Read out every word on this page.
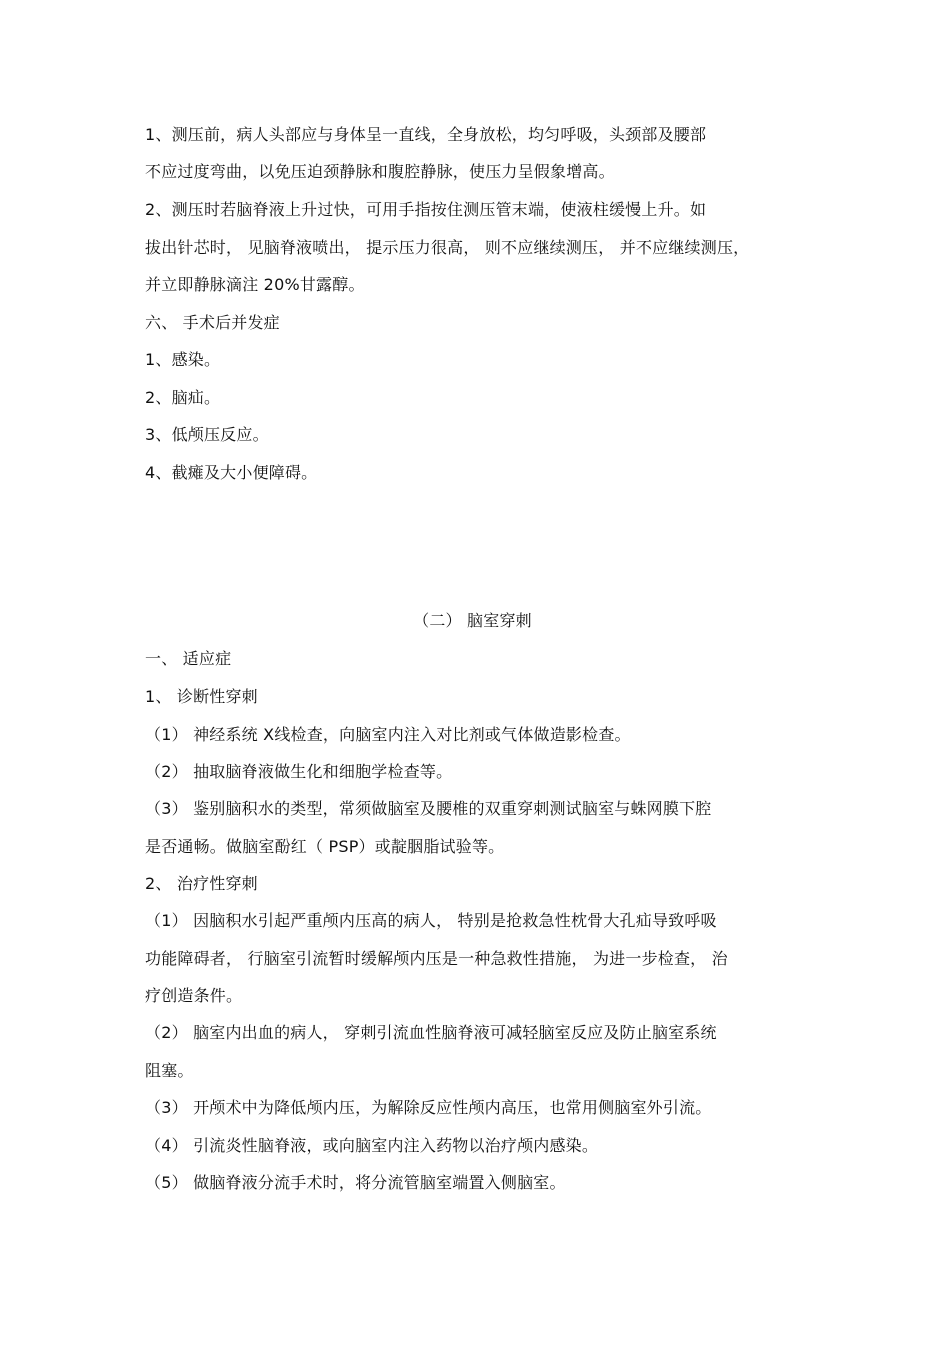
1、测压前，病人头部应与身体呈一直线，全身放松，均匀呼吸，头颈部及腰部
不应过度弯曲，以免压迫颈静脉和腹腔静脉，使压力呈假象增高。
2、测压时若脑脊液上升过快，可用手指按住测压管末端，使液柱缓慢上升。如
拔出针芯时， 见脑脊液喷出， 提示压力很高， 则不应继续测压， 并不应继续测压，
并立即静脉滴注 20%甘露醇。
六、 手术后并发症
1、感染。
2、脑疝。
3、低颅压反应。
4、截瘫及大小便障碍。
（二） 脑室穿刺
一、 适应症
1、 诊断性穿刺
（1） 神经系统 X线检查，向脑室内注入对比剂或气体做造影检查。
（2） 抽取脑脊液做生化和细胞学检查等。
（3） 鉴别脑积水的类型，常须做脑室及腰椎的双重穿刺测试脑室与蛛网膜下腔
是否通畅。做脑室酚红（ PSP）或靛胭脂试验等。
2、 治疗性穿刺
（1） 因脑积水引起严重颅内压高的病人， 特别是抢救急性枕骨大孔疝导致呼吸
功能障碍者， 行脑室引流暂时缓解颅内压是一种急救性措施， 为进一步检查， 治
疗创造条件。
（2） 脑室内出血的病人， 穿刺引流血性脑脊液可减轻脑室反应及防止脑室系统
阻塞。
（3） 开颅术中为降低颅内压，为解除反应性颅内高压，也常用侧脑室外引流。
（4） 引流炎性脑脊液，或向脑室内注入药物以治疗颅内感染。
（5） 做脑脊液分流手术时，将分流管脑室端置入侧脑室。
